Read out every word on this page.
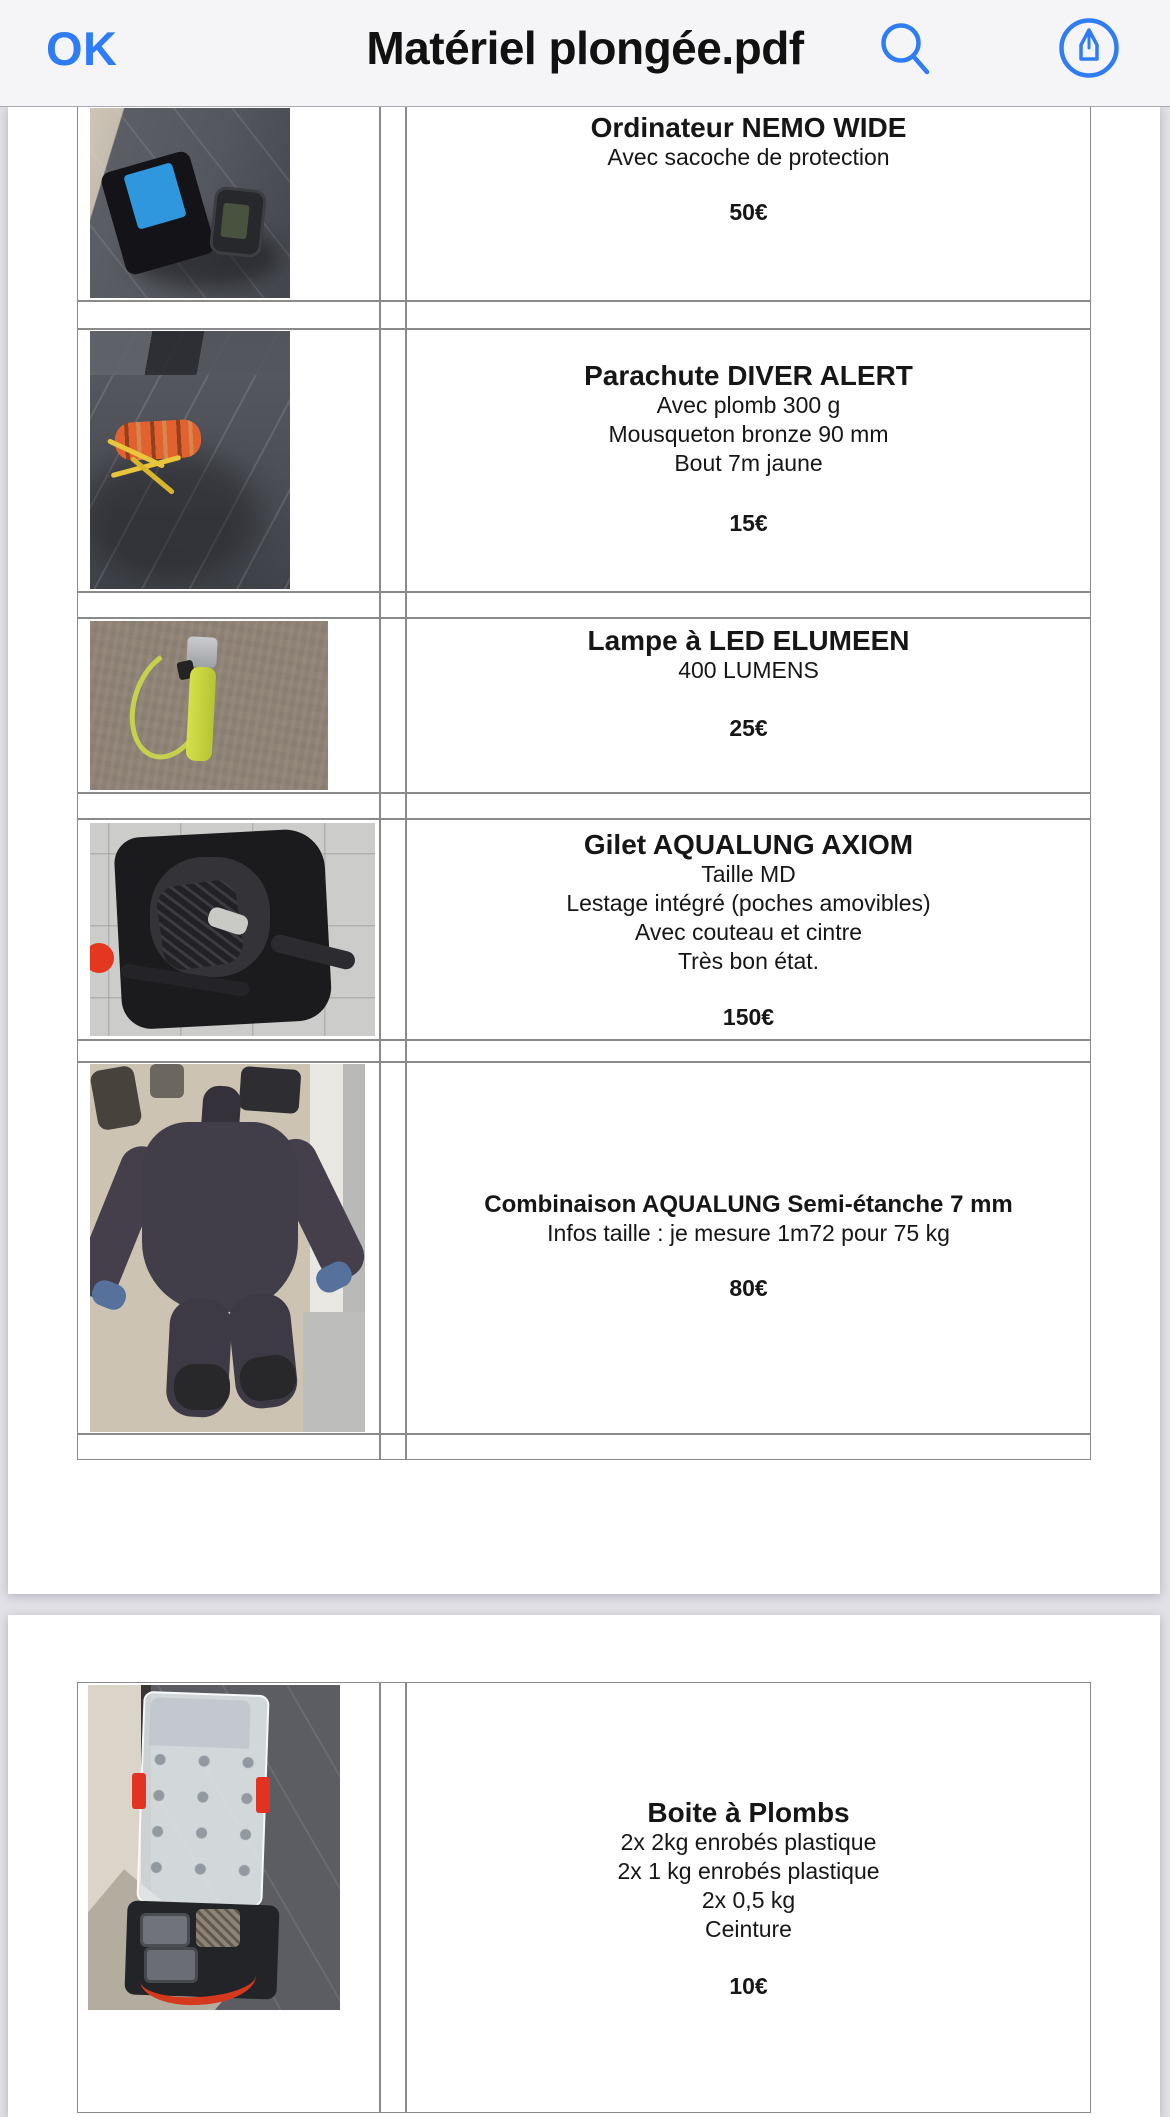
OK	Matériel plongée.pdf
Ordinateur NEMO WIDE
Avec sacoche de protection
50€
Parachute DIVER ALERT
Avec plomb 300 g
Mousqueton bronze 90 mm
Bout 7m jaune
15€
Lampe à LED ELUMEEN
400 LUMENS
25€
Gilet AQUALUNG AXIOM
Taille MD
Lestage intégré (poches amovibles)
Avec couteau et cintre
Très bon état.
150€
Combinaison AQUALUNG Semi-étanche 7 mm
Infos taille : je mesure 1m72 pour 75 kg
80€
Boite à Plombs
2x 2kg enrobés plastique
2x 1 kg enrobés plastique
2x 0,5 kg
Ceinture
10€
